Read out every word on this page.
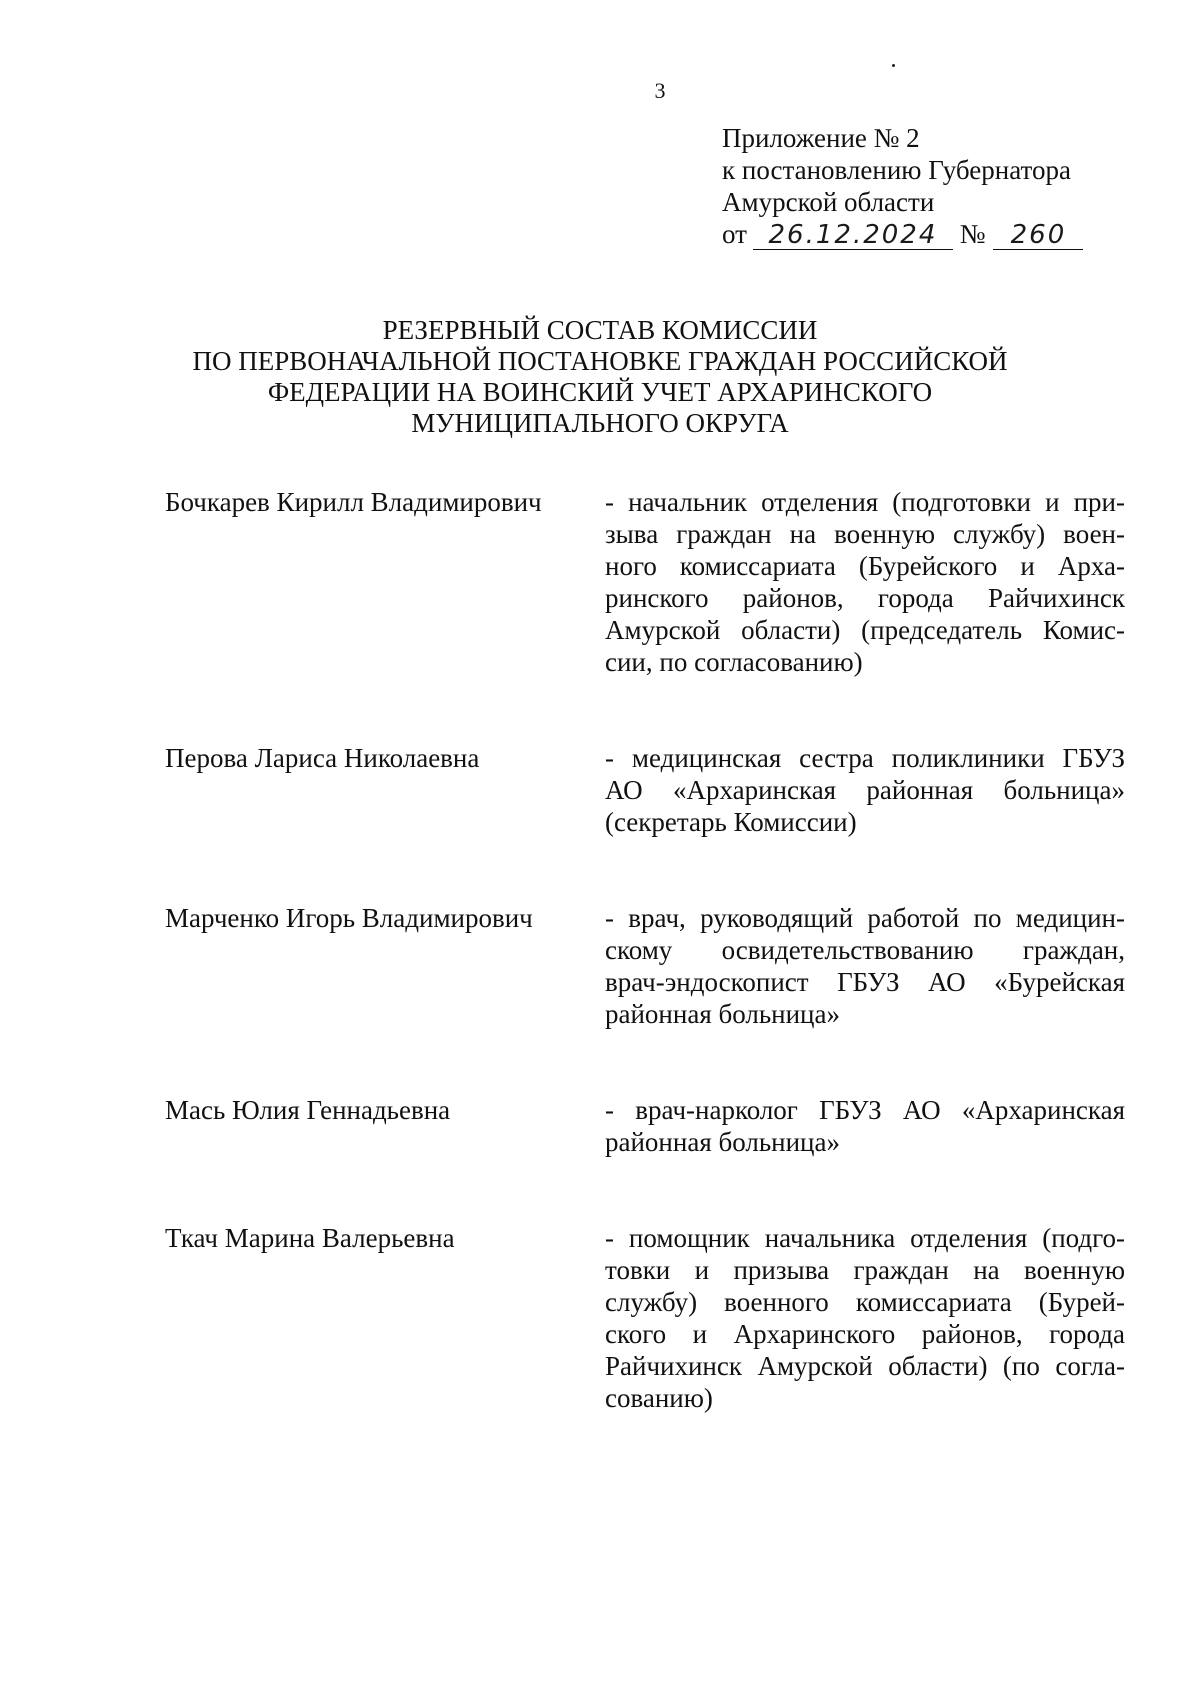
3
Приложение № 2
к постановлению Губернатора
Амурской области
от 26.12.2024 № 260
РЕЗЕРВНЫЙ СОСТАВ КОМИССИИ
ПО ПЕРВОНАЧАЛЬНОЙ ПОСТАНОВКЕ ГРАЖДАН РОССИЙСКОЙ
ФЕДЕРАЦИИ НА ВОИНСКИЙ УЧЕТ АРХАРИНСКОГО
МУНИЦИПАЛЬНОГО ОКРУГА
Бочкарев Кирилл Владимирович	- начальник отделения (подготовки и при-
зыва граждан на военную службу) воен-
ного комиссариата (Бурейского и Арха-
ринского районов, города Райчихинск
Амурской области) (председатель Комис-
сии, по согласованию)
Перова Лариса Николаевна	- медицинская сестра поликлиники ГБУЗ
АО «Архаринская районная больница»
(секретарь Комиссии)
Марченко Игорь Владимирович	- врач, руководящий работой по медицин-
скому освидетельствованию граждан,
врач-эндоскопист ГБУЗ АО «Бурейская
районная больница»
Мась Юлия Геннадьевна	- врач-нарколог ГБУЗ АО «Архаринская
районная больница»
Ткач Марина Валерьевна	- помощник начальника отделения (подго-
товки и призыва граждан на военную
службу) военного комиссариата (Бурей-
ского и Архаринского районов, города
Райчихинск Амурской области) (по согла-
сованию)
